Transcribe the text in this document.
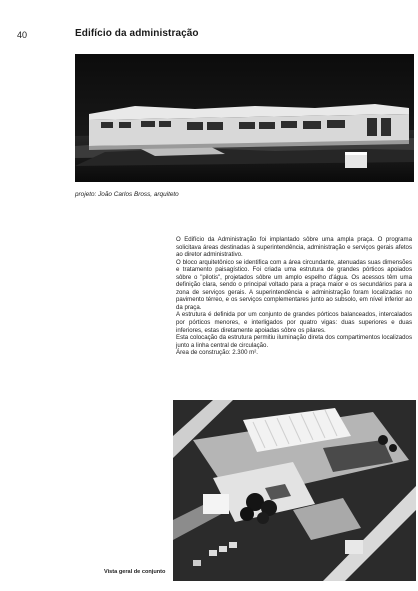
40	Edifício da administração
projeto: João Carlos Bross, arquiteto

O Edifício da Administração foi implantado sôbre uma ampla praça. O programa solicitava áreas destinadas à superintendência, administração e serviços gerais afetos ao diretor administrativo.

O bloco arquitetônico se identifica com a área circundante, atenuadas suas dimensões e tratamento paisagístico. Foi criada uma estrutura de grandes pórticos apoiados sôbre o "pilotis", projetados sôbre um amplo espelho d'água. Os acessos têm uma definição clara, sendo o principal voltado para a praça maior e os secundários para a zona de serviços gerais. A superintendência e administração foram localizadas no pavimento térreo, e os serviços complementares junto ao subsolo, em nível inferior ao da praça.

A estrutura é definida por um conjunto de grandes pórticos balanceados, intercalados por pórticos menores, e interligados por quatro vigas: duas superiores e duas inferiores, estas diretamente apoiadas sôbre os pilares.

Esta colocação da estrutura permitiu iluminação direta dos compartimentos localizados junto a linha central de circulação.

Área de construção: 2.300 m².

Vista geral de conjunto
